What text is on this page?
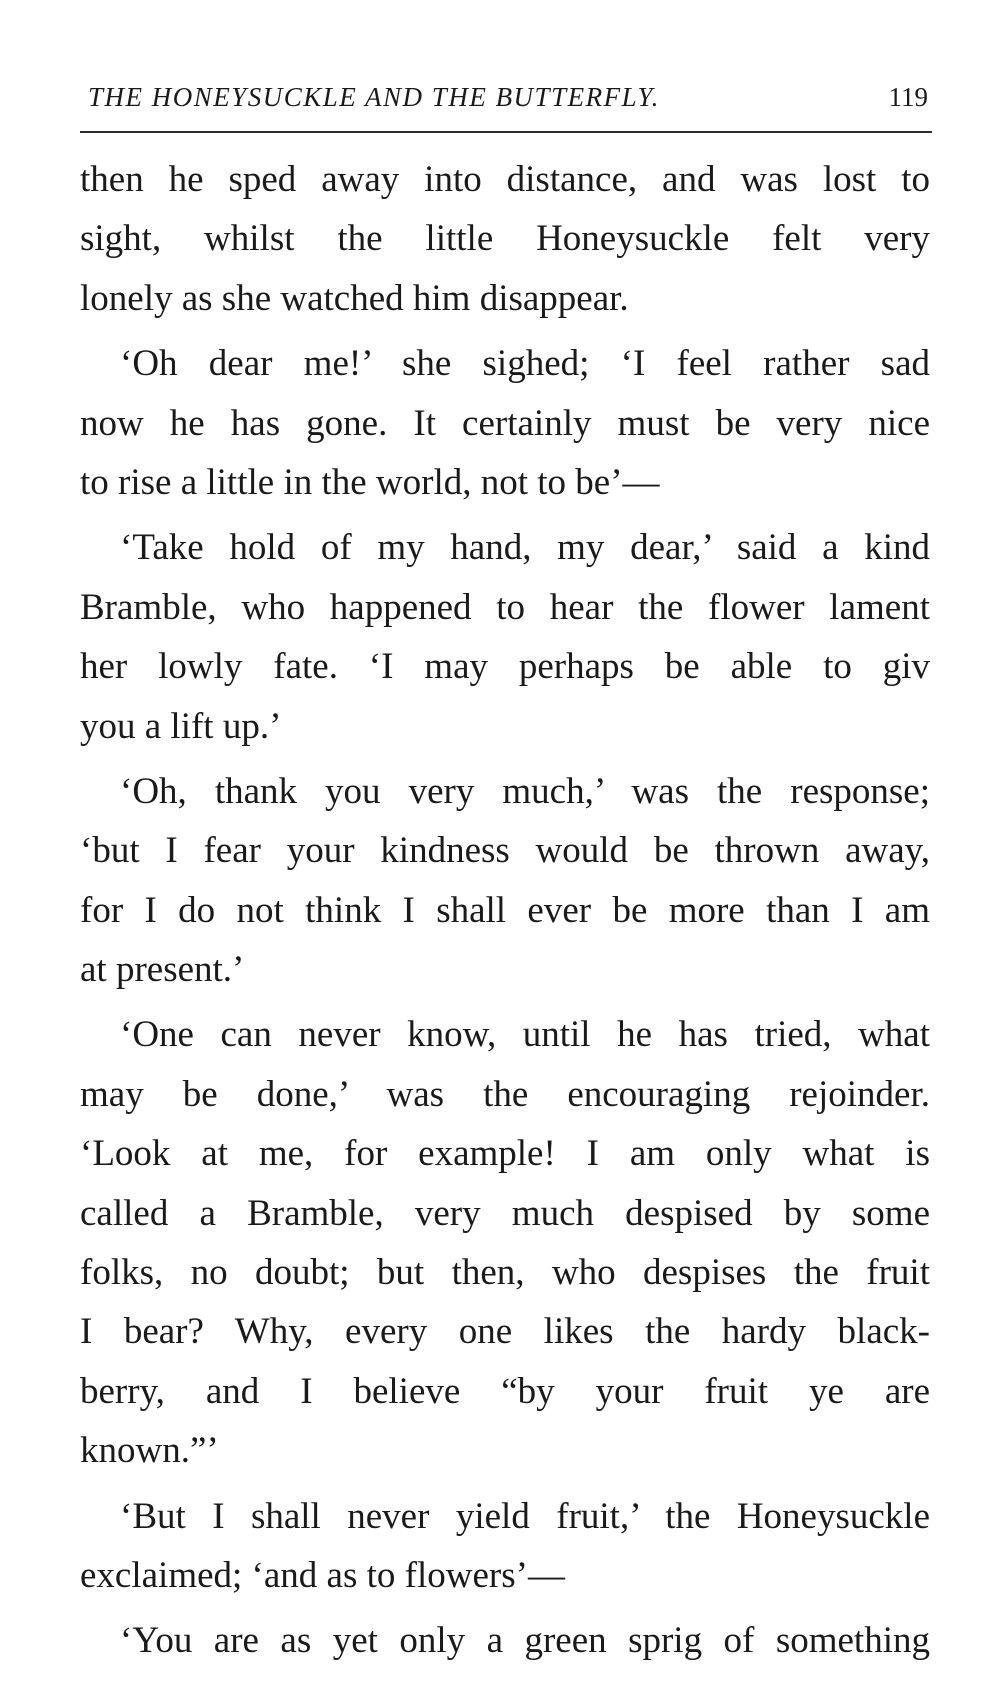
THE HONEYSUCKLE AND THE BUTTERFLY.	119
then he sped away into distance, and was lost to
sight, whilst the little Honeysuckle felt very
lonely as she watched him disappear.
‘Oh dear me!’ she sighed; ‘I feel rather sad
now he has gone. It certainly must be very nice
to rise a little in the world, not to be’—
‘Take hold of my hand, my dear,’ said a kind
Bramble, who happened to hear the flower lament
her lowly fate. ‘I may perhaps be able to giv
you a lift up.’
‘Oh, thank you very much,’ was the response;
‘but I fear your kindness would be thrown away,
for I do not think I shall ever be more than I am
at present.’
‘One can never know, until he has tried, what
may be done,’ was the encouraging rejoinder.
‘Look at me, for example! I am only what is
called a Bramble, very much despised by some
folks, no doubt; but then, who despises the fruit
I bear? Why, every one likes the hardy black-
berry, and I believe “by your fruit ye are
known.”’
‘But I shall never yield fruit,’ the Honeysuckle
exclaimed; ‘and as to flowers’—
‘You are as yet only a green sprig of something
